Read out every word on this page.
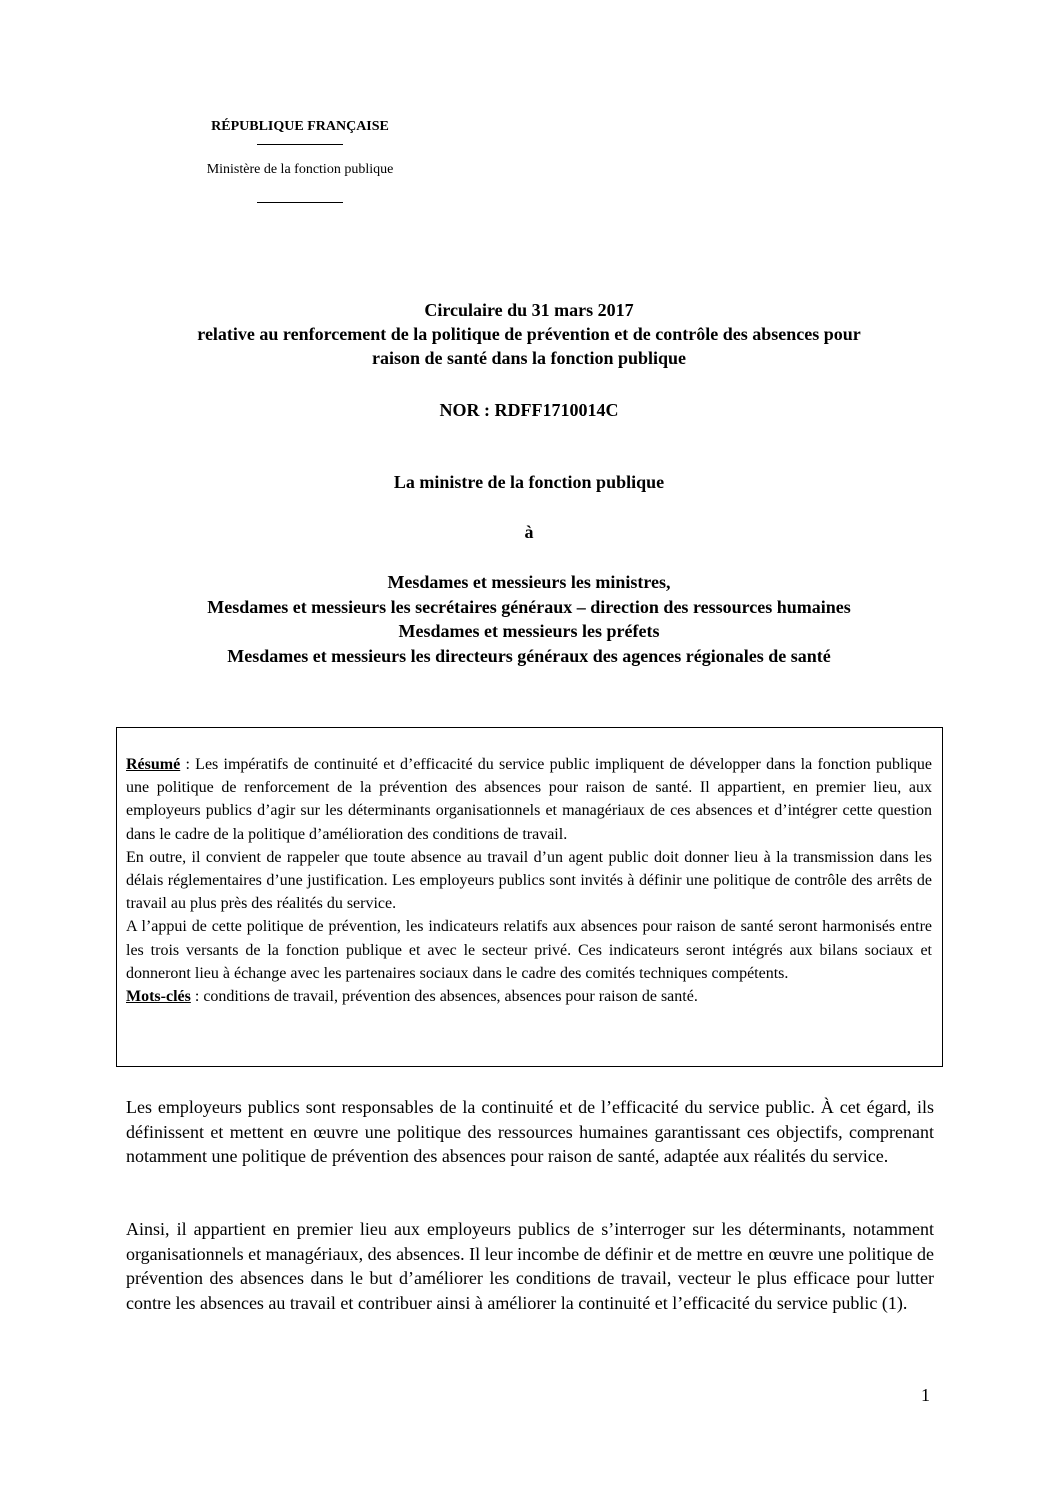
RÉPUBLIQUE FRANÇAISE
Ministère de la fonction publique
Circulaire du 31 mars 2017
relative au renforcement de la politique de prévention et de contrôle des absences pour
raison de santé dans la fonction publique
NOR : RDFF1710014C
La ministre de la fonction publique
à
Mesdames et messieurs les ministres,
Mesdames et messieurs les secrétaires généraux – direction des ressources humaines
Mesdames et messieurs les préfets
Mesdames et messieurs les directeurs généraux des agences régionales de santé

Résumé : Les impératifs de continuité et d’efficacité du service public impliquent de développer dans la fonction publique une politique de renforcement de la prévention des absences pour raison de santé. Il appartient, en premier lieu, aux employeurs publics d’agir sur les déterminants organisationnels et managériaux de ces absences et d’intégrer cette question dans le cadre de la politique d’amélioration des conditions de travail.

En outre, il convient de rappeler que toute absence au travail d’un agent public doit donner lieu à la transmission dans les délais réglementaires d’une justification. Les employeurs publics sont invités à définir une politique de contrôle des arrêts de travail au plus près des réalités du service.

A l’appui de cette politique de prévention, les indicateurs relatifs aux absences pour raison de santé seront harmonisés entre les trois versants de la fonction publique et avec le secteur privé. Ces indicateurs seront intégrés aux bilans sociaux et donneront lieu à échange avec les partenaires sociaux dans le cadre des comités techniques compétents.

Mots-clés : conditions de travail, prévention des absences, absences pour raison de santé.

Les employeurs publics sont responsables de la continuité et de l’efficacité du service public. À cet égard, ils définissent et mettent en œuvre une politique des ressources humaines garantissant ces objectifs, comprenant notamment une politique de prévention des absences pour raison de santé, adaptée aux réalités du service.

Ainsi, il appartient en premier lieu aux employeurs publics de s’interroger sur les déterminants, notamment organisationnels et managériaux, des absences. Il leur incombe de définir et de mettre en œuvre une politique de prévention des absences dans le but d’améliorer les conditions de travail, vecteur le plus efficace pour lutter contre les absences au travail et contribuer ainsi à améliorer la continuité et l’efficacité du service public (1).

1
